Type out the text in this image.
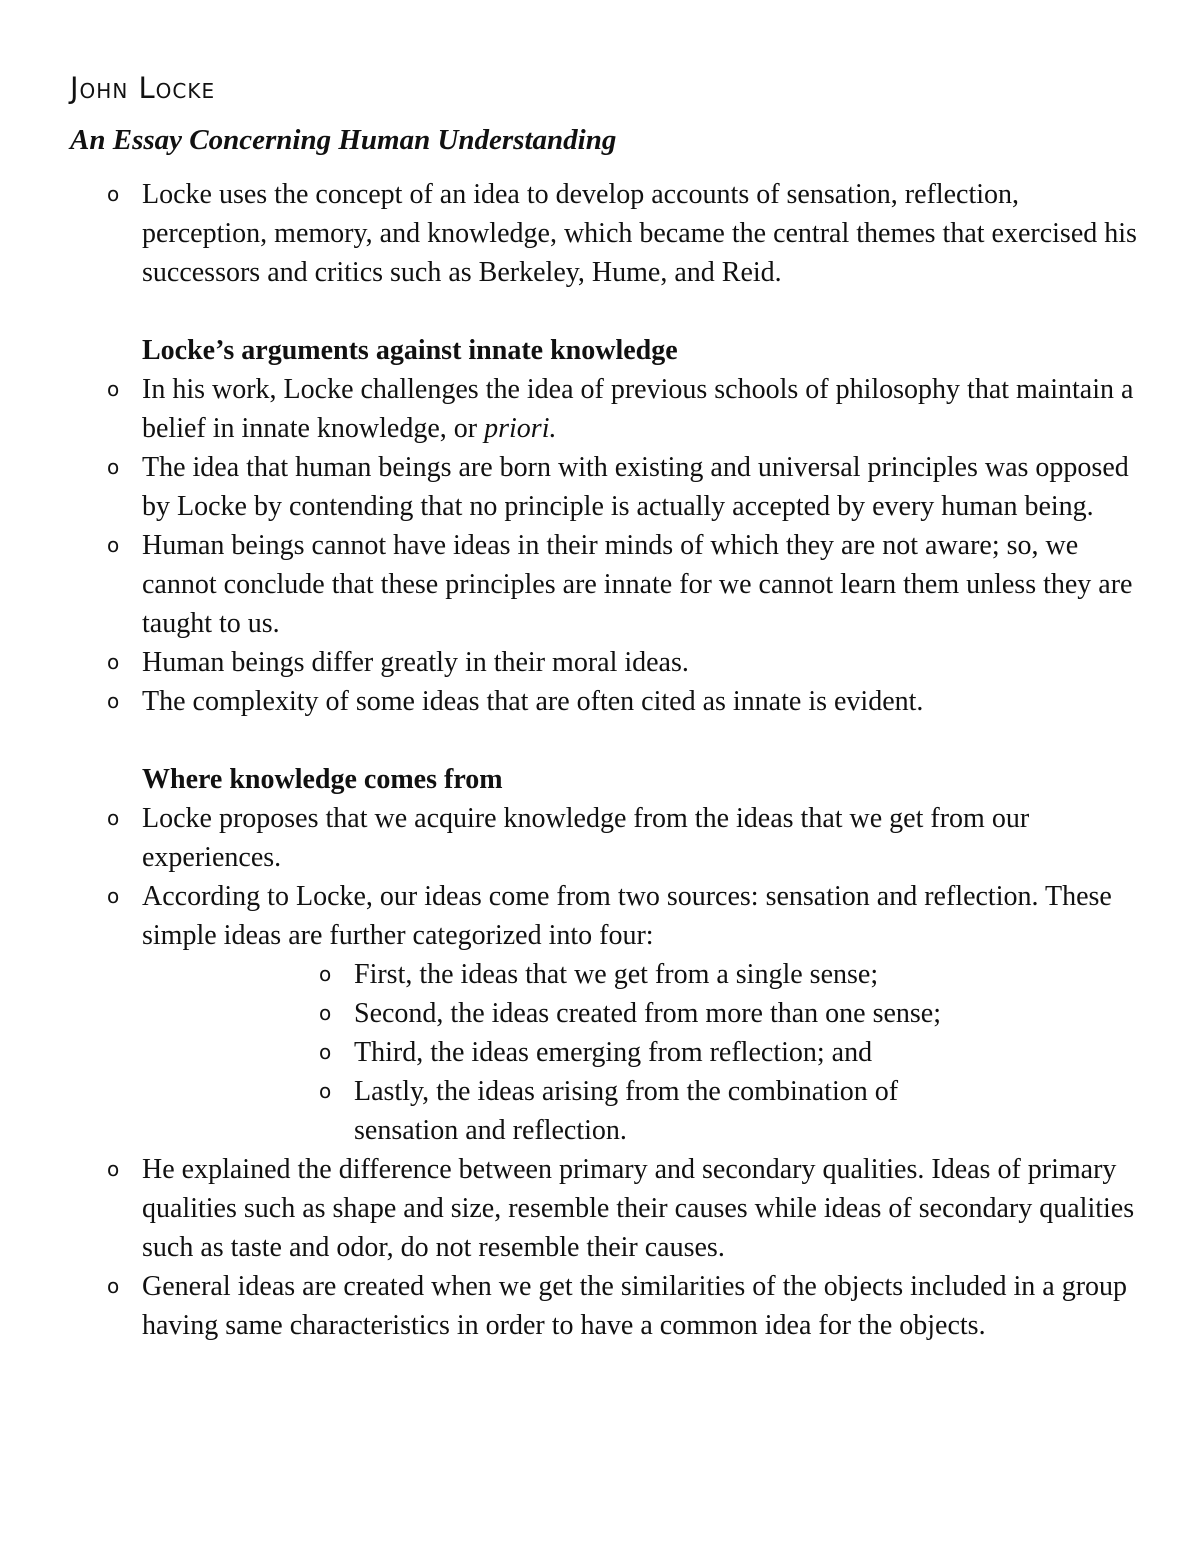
John Locke
An Essay Concerning Human Understanding
o Locke uses the concept of an idea to develop accounts of sensation, reflection, perception, memory, and knowledge, which became the central themes that exercised his successors and critics such as Berkeley, Hume, and Reid.
Locke’s arguments against innate knowledge
o In his work, Locke challenges the idea of previous schools of philosophy that maintain a belief in innate knowledge, or priori.
o The idea that human beings are born with existing and universal principles was opposed by Locke by contending that no principle is actually accepted by every human being.
o Human beings cannot have ideas in their minds of which they are not aware; so, we cannot conclude that these principles are innate for we cannot learn them unless they are taught to us.
o Human beings differ greatly in their moral ideas.
o The complexity of some ideas that are often cited as innate is evident.
Where knowledge comes from
o Locke proposes that we acquire knowledge from the ideas that we get from our experiences.
o According to Locke, our ideas come from two sources: sensation and reflection. These simple ideas are further categorized into four:
o First, the ideas that we get from a single sense;
o Second, the ideas created from more than one sense;
o Third, the ideas emerging from reflection; and
o Lastly, the ideas arising from the combination of sensation and reflection.
o He explained the difference between primary and secondary qualities. Ideas of primary qualities such as shape and size, resemble their causes while ideas of secondary qualities such as taste and odor, do not resemble their causes.
o General ideas are created when we get the similarities of the objects included in a group having same characteristics in order to have a common idea for the objects.
